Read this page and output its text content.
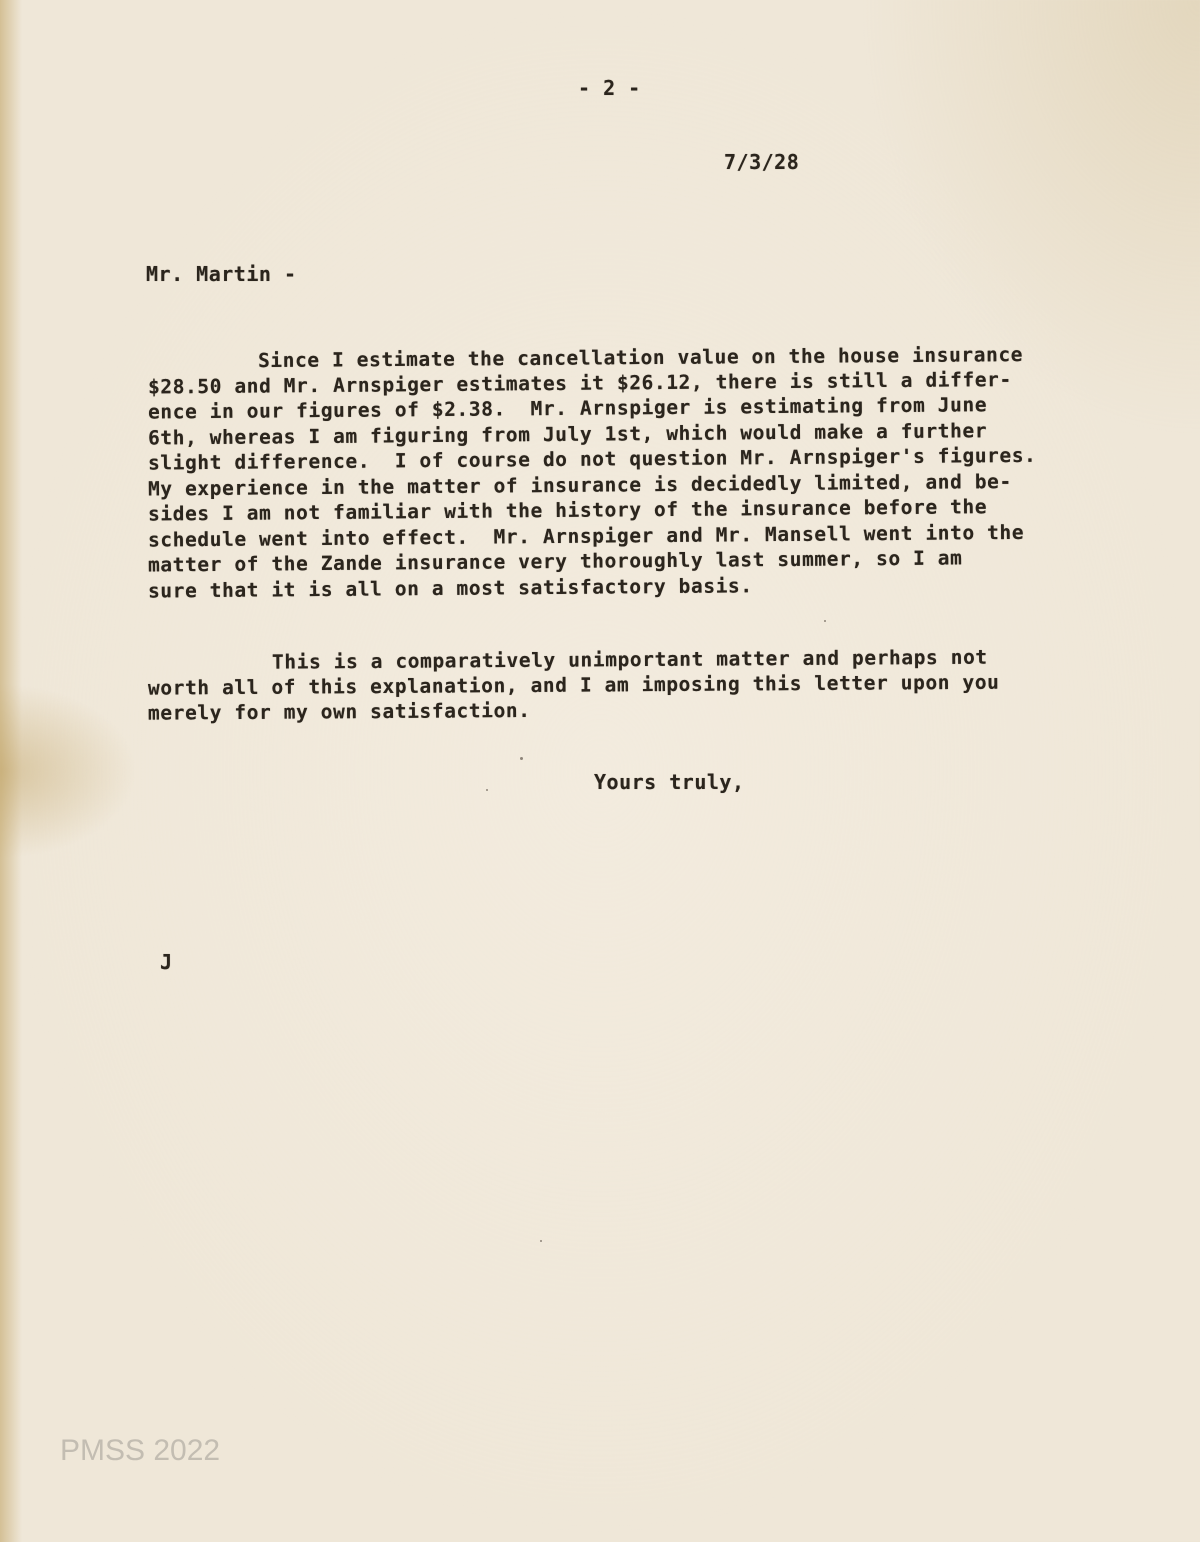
- 2 -
7/3/28
Mr. Martin -
Since I estimate the cancellation value on the house insurance
$28.50 and Mr. Arnspiger estimates it $26.12, there is still a differ-
ence in our figures of $2.38.  Mr. Arnspiger is estimating from June
6th, whereas I am figuring from July 1st, which would make a further
slight difference.  I of course do not question Mr. Arnspiger's figures.
My experience in the matter of insurance is decidedly limited, and be-
sides I am not familiar with the history of the insurance before the
schedule went into effect.  Mr. Arnspiger and Mr. Mansell went into the
matter of the Zande insurance very thoroughly last summer, so I am
sure that it is all on a most satisfactory basis.
This is a comparatively unimportant matter and perhaps not
worth all of this explanation, and I am imposing this letter upon you
merely for my own satisfaction.
Yours truly,
J
PMSS 2022
